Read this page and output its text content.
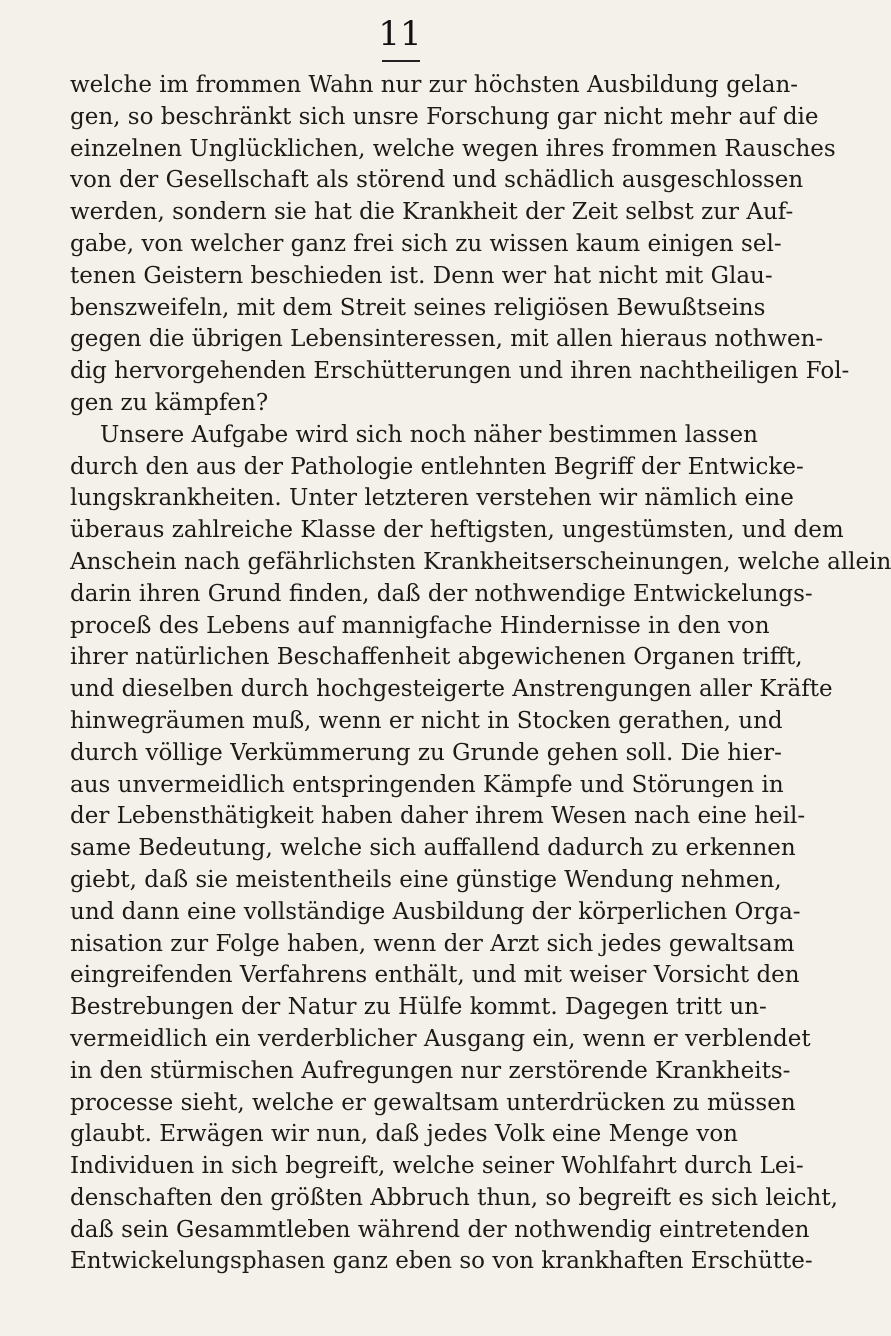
11
welche im frommen Wahn nur zur höchsten Ausbildung gelan-
gen, so beschränkt sich unsre Forschung gar nicht mehr auf die
einzelnen Unglücklichen, welche wegen ihres frommen Rausches
von der Gesellschaft als störend und schädlich ausgeschlossen
werden, sondern sie hat die Krankheit der Zeit selbst zur Auf-
gabe, von welcher ganz frei sich zu wissen kaum einigen sel-
tenen Geistern beschieden ist. Denn wer hat nicht mit Glau-
benszweifeln, mit dem Streit seines religiösen Bewußtseins
gegen die übrigen Lebensinteressen, mit allen hieraus nothwen-
dig hervorgehenden Erschütterungen und ihren nachtheiligen Fol-
gen zu kämpfen?
Unsere Aufgabe wird sich noch näher bestimmen lassen
durch den aus der Pathologie entlehnten Begriff der Entwicke-
lungskrankheiten. Unter letzteren verstehen wir nämlich eine
überaus zahlreiche Klasse der heftigsten, ungestümsten, und dem
Anschein nach gefährlichsten Krankheitserscheinungen, welche allein
darin ihren Grund finden, daß der nothwendige Entwickelungs-
proceß des Lebens auf mannigfache Hindernisse in den von
ihrer natürlichen Beschaffenheit abgewichenen Organen trifft,
und dieselben durch hochgesteigerte Anstrengungen aller Kräfte
hinwegräumen muß, wenn er nicht in Stocken gerathen, und
durch völlige Verkümmerung zu Grunde gehen soll. Die hier-
aus unvermeidlich entspringenden Kämpfe und Störungen in
der Lebensthätigkeit haben daher ihrem Wesen nach eine heil-
same Bedeutung, welche sich auffallend dadurch zu erkennen
giebt, daß sie meistentheils eine günstige Wendung nehmen,
und dann eine vollständige Ausbildung der körperlichen Orga-
nisation zur Folge haben, wenn der Arzt sich jedes gewaltsam
eingreifenden Verfahrens enthält, und mit weiser Vorsicht den
Bestrebungen der Natur zu Hülfe kommt. Dagegen tritt un-
vermeidlich ein verderblicher Ausgang ein, wenn er verblendet
in den stürmischen Aufregungen nur zerstörende Krankheits-
processe sieht, welche er gewaltsam unterdrücken zu müssen
glaubt. Erwägen wir nun, daß jedes Volk eine Menge von
Individuen in sich begreift, welche seiner Wohlfahrt durch Lei-
denschaften den größten Abbruch thun, so begreift es sich leicht,
daß sein Gesammtleben während der nothwendig eintretenden
Entwickelungsphasen ganz eben so von krankhaften Erschütte-
